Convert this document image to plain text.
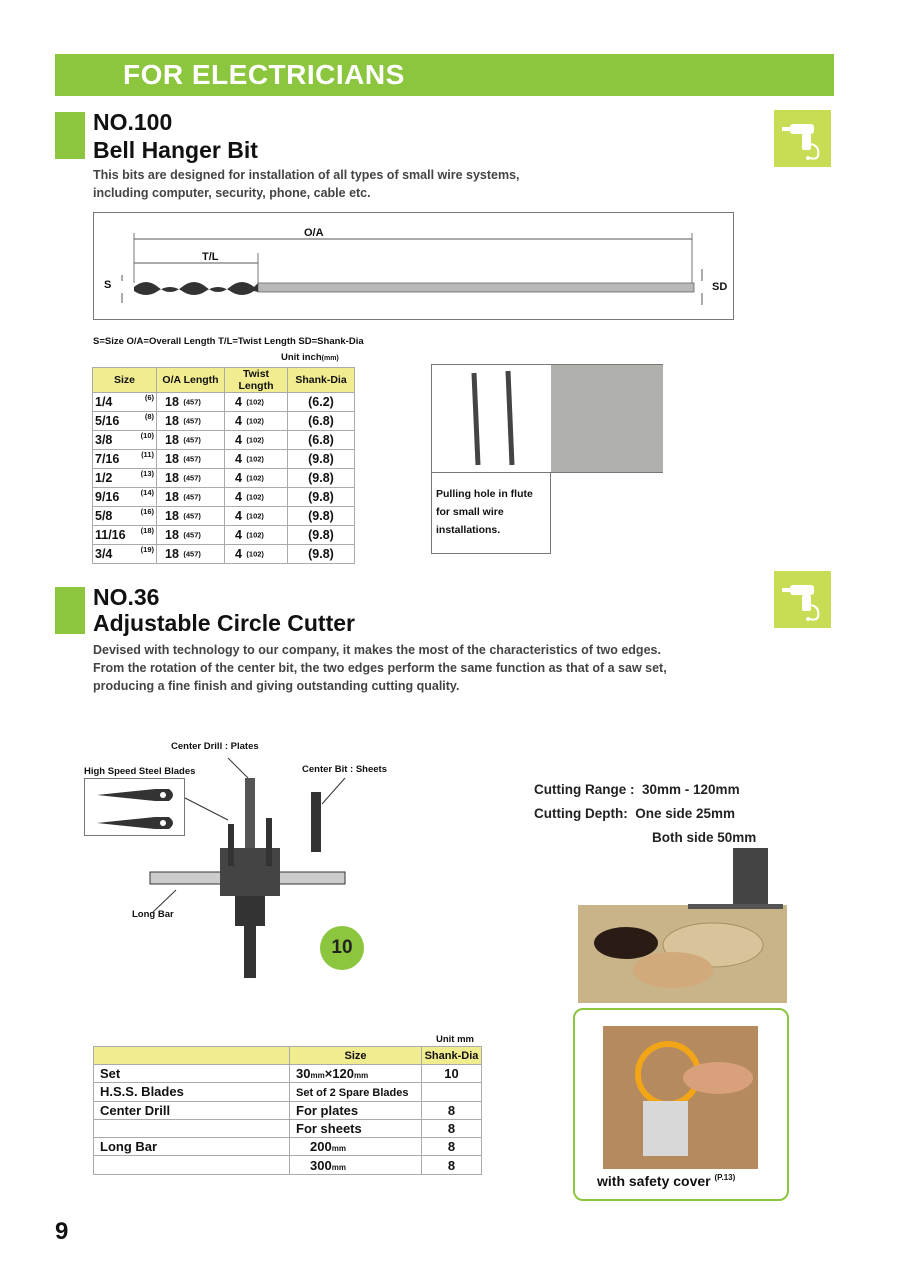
FOR ELECTRICIANS
NO.100
Bell Hanger Bit
This bits are designed for installation of all types of small wire systems,
including computer, security, phone, cable etc.
O/A
T/L
S	SD
S=Size O/A=Overall Length T/L=Twist Length SD=Shank-Dia
Unit inch(mm)
Size	O/A Length	Twist Length	Shank-Dia
1/4 (6)	18 (457)	4 (102)	(6.2)
5/16 (8)	18 (457)	4 (102)	(6.8)
3/8 (10)	18 (457)	4 (102)	(6.8)
7/16 (11)	18 (457)	4 (102)	(9.8)
1/2 (13)	18 (457)	4 (102)	(9.8)
9/16 (14)	18 (457)	4 (102)	(9.8)
5/8 (16)	18 (457)	4 (102)	(9.8)
11/16 (18)	18 (457)	4 (102)	(9.8)
3/4 (19)	18 (457)	4 (102)	(9.8)
Pulling hole in flute
for small wire
installations.
NO.36
Adjustable Circle Cutter
Devised with technology to our company, it makes the most of the characteristics of two edges.
From the rotation of the center bit, the two edges perform the same function as that of a saw set,
producing a fine finish and giving outstanding cutting quality.
Center Drill : Plates
High Speed Steel Blades	Center Bit : Sheets
Long Bar
10
Cutting Range : 30mm - 120mm
Cutting Depth: One side 25mm
Both side 50mm
with safety cover $^{(P.13)}$
Unit mm
	Size	Shank-Dia
Set	30mm×120mm	10
H.S.S. Blades	Set of 2 Spare Blades	
Center Drill	For plates	8
	For sheets	8
Long Bar	200mm	8
	300mm	8
9
